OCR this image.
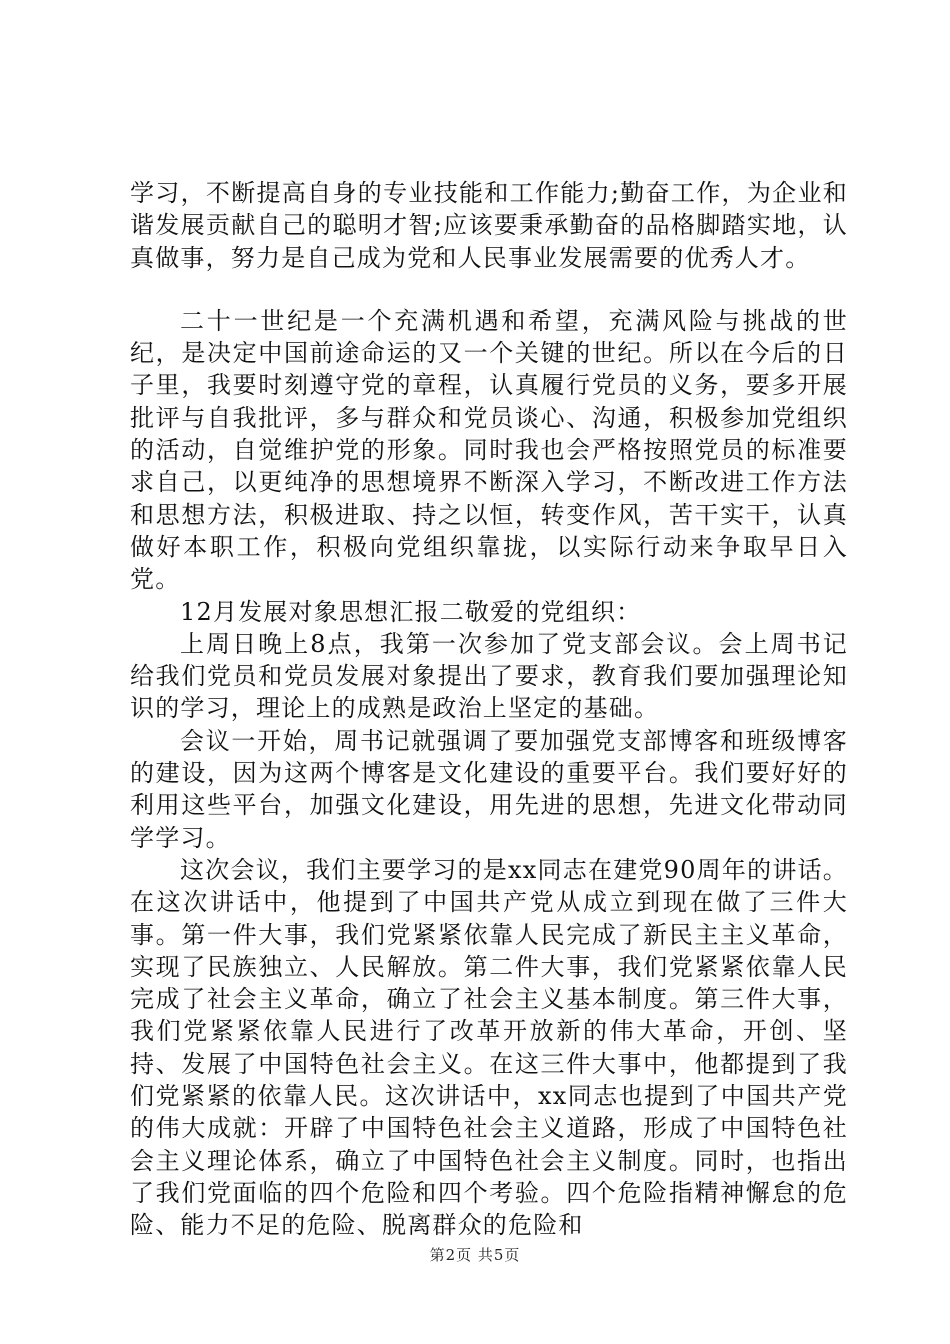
学习，不断提高自身的专业技能和工作能力;勤奋工作，为企业和谐发展贡献自己的聪明才智;应该要秉承勤奋的品格脚踏实地，认真做事，努力是自己成为党和人民事业发展需要的优秀人才。

二十一世纪是一个充满机遇和希望，充满风险与挑战的世纪，是决定中国前途命运的又一个关键的世纪。所以在今后的日子里，我要时刻遵守党的章程，认真履行党员的义务，要多开展批评与自我批评，多与群众和党员谈心、沟通，积极参加党组织的活动，自觉维护党的形象。同时我也会严格按照党员的标准要求自己，以更纯净的思想境界不断深入学习，不断改进工作方法和思想方法，积极进取、持之以恒，转变作风，苦干实干，认真做好本职工作，积极向党组织靠拢，以实际行动来争取早日入党。

12月发展对象思想汇报二敬爱的党组织：

上周日晚上8点，我第一次参加了党支部会议。会上周书记给我们党员和党员发展对象提出了要求，教育我们要加强理论知识的学习，理论上的成熟是政治上坚定的基础。

会议一开始，周书记就强调了要加强党支部博客和班级博客的建设，因为这两个博客是文化建设的重要平台。我们要好好的利用这些平台，加强文化建设，用先进的思想，先进文化带动同学学习。

这次会议，我们主要学习的是xx同志在建党90周年的讲话。在这次讲话中，他提到了中国共产党从成立到现在做了三件大事。第一件大事，我们党紧紧依靠人民完成了新民主主义革命，实现了民族独立、人民解放。第二件大事，我们党紧紧依靠人民完成了社会主义革命，确立了社会主义基本制度。第三件大事，我们党紧紧依靠人民进行了改革开放新的伟大革命，开创、坚持、发展了中国特色社会主义。在这三件大事中，他都提到了我们党紧紧的依靠人民。这次讲话中，xx同志也提到了中国共产党的伟大成就：开辟了中国特色社会主义道路，形成了中国特色社会主义理论体系，确立了中国特色社会主义制度。同时，也指出了我们党面临的四个危险和四个考验。四个危险指精神懈怠的危险、能力不足的危险、脱离群众的危险和

第2页 共5页
